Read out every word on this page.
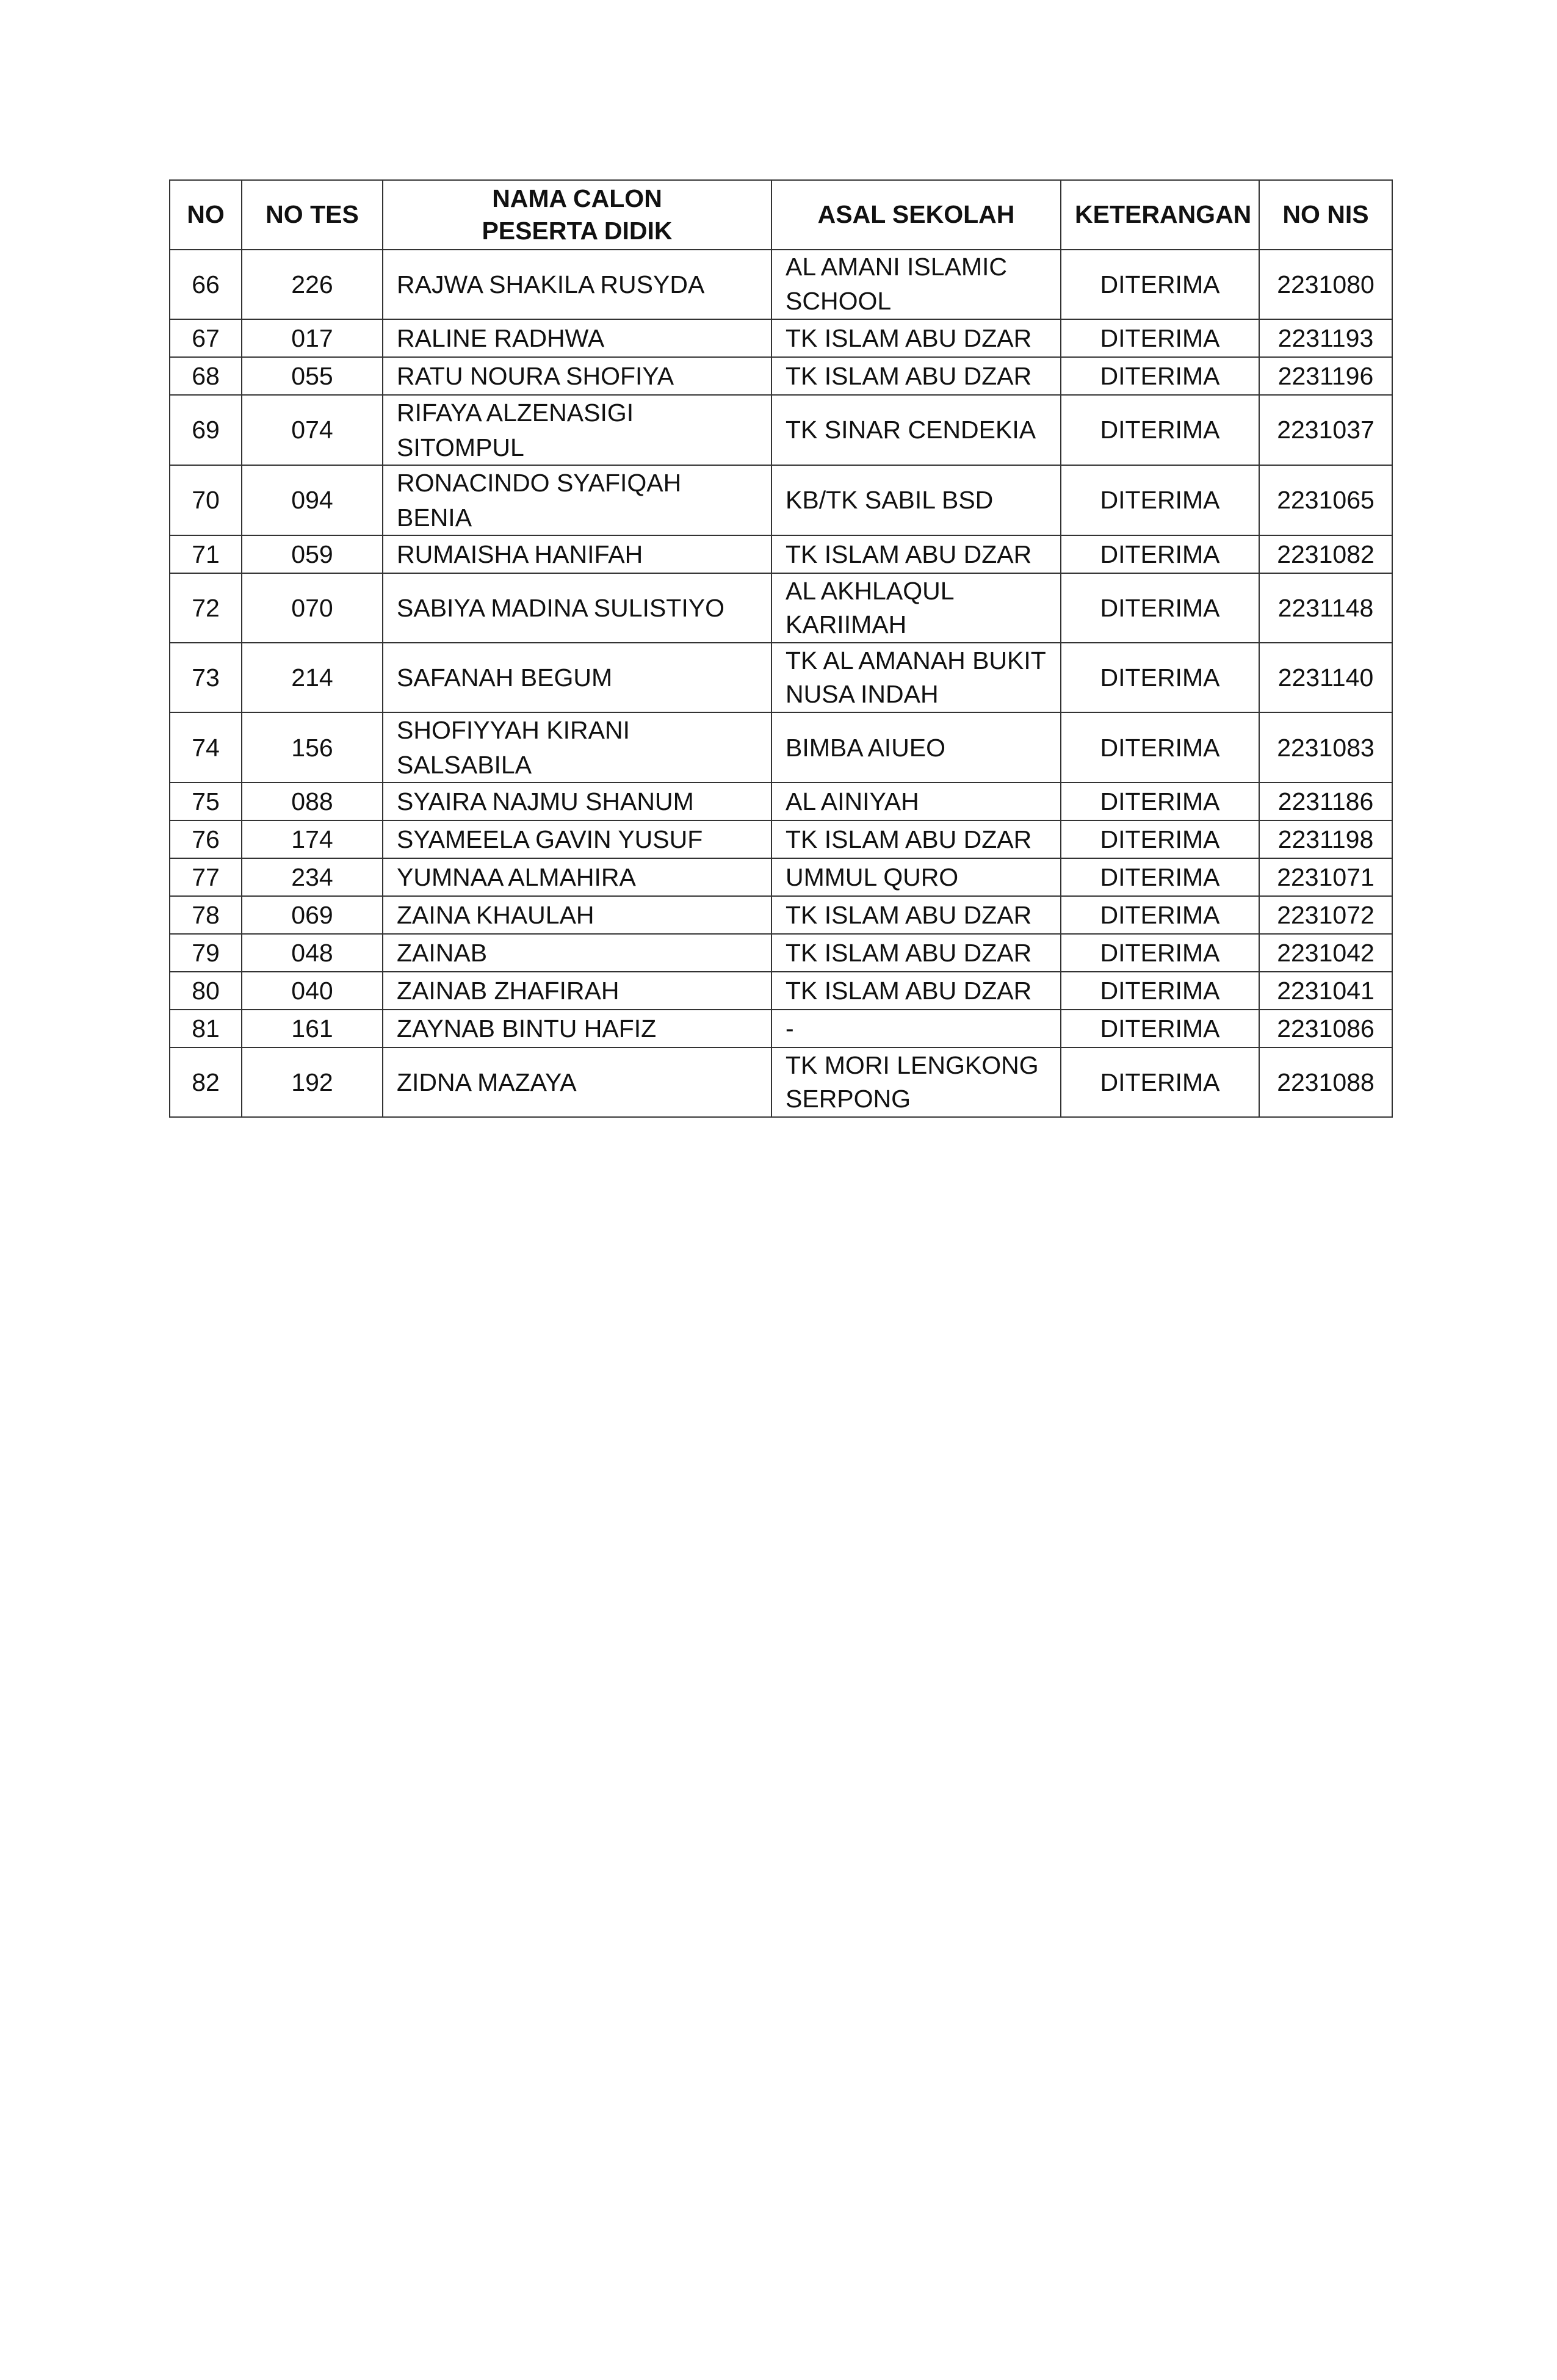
NO	NO TES	NAMA CALON
PESERTA DIDIK	ASAL SEKOLAH	KETERANGAN	NO NIS
66	226	RAJWA SHAKILA RUSYDA	AL AMANI ISLAMIC
SCHOOL	DITERIMA	2231080
67	017	RALINE RADHWA	TK ISLAM ABU DZAR	DITERIMA	2231193
68	055	RATU NOURA SHOFIYA	TK ISLAM ABU DZAR	DITERIMA	2231196
69	074	RIFAYA ALZENASIGI SITOMPUL	TK SINAR CENDEKIA	DITERIMA	2231037
70	094	RONACINDO SYAFIQAH BENIA	KB/TK SABIL BSD	DITERIMA	2231065
71	059	RUMAISHA HANIFAH	TK ISLAM ABU DZAR	DITERIMA	2231082
72	070	SABIYA MADINA SULISTIYO	AL AKHLAQUL
KARIIMAH	DITERIMA	2231148
73	214	SAFANAH BEGUM	TK AL AMANAH BUKIT
NUSA INDAH	DITERIMA	2231140
74	156	SHOFIYYAH KIRANI SALSABILA	BIMBA AIUEO	DITERIMA	2231083
75	088	SYAIRA NAJMU SHANUM	AL AINIYAH	DITERIMA	2231186
76	174	SYAMEELA GAVIN YUSUF	TK ISLAM ABU DZAR	DITERIMA	2231198
77	234	YUMNAA ALMAHIRA	UMMUL QURO	DITERIMA	2231071
78	069	ZAINA KHAULAH	TK ISLAM ABU DZAR	DITERIMA	2231072
79	048	ZAINAB	TK ISLAM ABU DZAR	DITERIMA	2231042
80	040	ZAINAB ZHAFIRAH	TK ISLAM ABU DZAR	DITERIMA	2231041
81	161	ZAYNAB BINTU HAFIZ	-	DITERIMA	2231086
82	192	ZIDNA MAZAYA	TK MORI LENGKONG
SERPONG	DITERIMA	2231088
